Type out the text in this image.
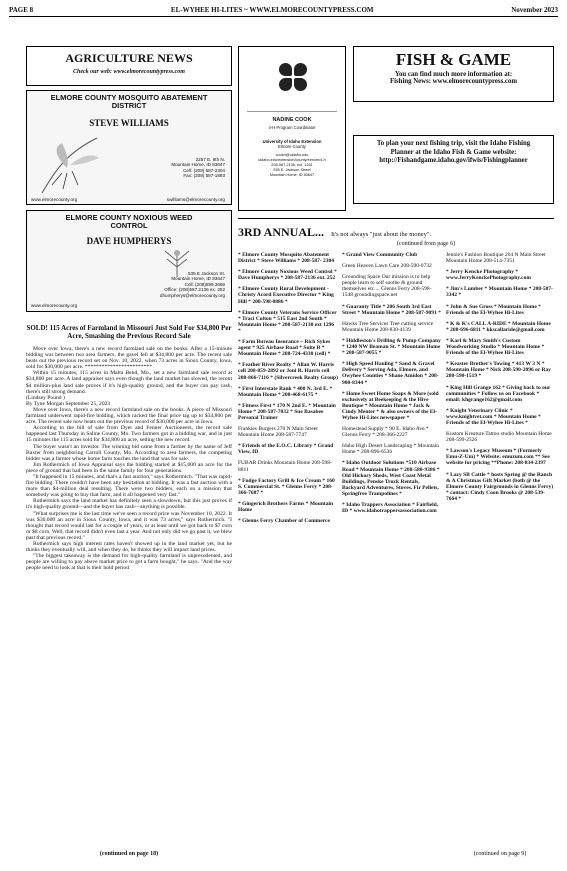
PAGE 8	EL-WYHEE HI-LITES ~ WWW.ELMORECOUNTYPRESS.COM	November 2023
AGRICULTURE NEWS
Check our web: www.elmorecountypress.com
ELMORE COUNTY MOSQUITO ABATEMENT DISTRICT
STEVE WILLIAMS
2257 E. 8th N.
Mountain Home, ID 83647
Cell: (208) 587-2304
Fax: (208) 587-1893
www.elmorecounty.org	swilliams@elmorecounty.org
ELMORE COUNTY NOXIOUS WEED CONTROL
DAVE HUMPHERYS
535 E Jackson St.
Mountain Home, ID 83647
Cell: (208)599.3669
Office: (208)587.2136 ex. 252
dhumpherys@elmorecounty.org
www.elmorecounty.org
NADINE COOK
4-H Program Coordinator
University of Idaho Extension
Elmore County
cookn@uidaho.edu
uidaho.edu/extension/county/elmore/4-h
208-587-2136, ext. 1251
535 E. Jackson Street
Mountain Home, ID 83647
FISH & GAME
You can find much more information at:
Fishing News: www.elmorecountypress.com
To plan your next fishing trip, visit the Idaho Fishing Planner at the Idaho Fish & Game website: http://Fishandgame.idaho.gov/ifwis/Fishingplanner
SOLD! 115 Acres of Farmland in Missouri Just Sold For $34,800 Per Acre, Smashing the Previous Record Sale

Move over Iowa, there's a new record farmland sale on the books. After a 15-minute bidding war between two area farmers, the gavel fell at $34,800 per acre. The recent sale beats out the previous record set on Nov. 10, 2022, when 73 acres in Sioux County, Iowa, sold for $30,000 per acre. ************************

Within 15 minutes, 115 acres in Malta Bend, Mo., set a new farmland sale record at $34,800 per acre. A land appraiser says even though the land market has slowed, the recent $4 million-plus land sale proves if it's high-quality ground, and the buyer can pay cash, there's still strong demand.

(Lindsey Pound )
By Tyne Morgan September 25, 2023

Move over Iowa, there's a new record farmland sale on the books. A piece of Missouri farmland underwent rapid-fire bidding, which racked the final price tag up to $34,800 per acre. The recent sale now beats out the previous record of $30,000 per acre in Iowa.

According to the bill of sale from Dyer and Fenner Auctioneers, the record sale happened last Thursday in Saline County, Mo. Two farmers got in a bidding war, and in just 15 minutes the 115 acres sold for $34,800 an acre, setting the new record.

The buyer wasn't an investor. The winning bid came from a farmer by the name of Jeff Baxter from neighboring Carroll County, Mo. According to area farmers, the competing bidder was a farmer whose home farm touches the land that was for sale.

Jim Rothermich of Iowa Appraisal says the bidding started at $15,000 an acre for the piece of ground that had been in the same family for four generations.

"It happened in 15 minutes, and that's a fast auction," says Rothermich. "That was rapid-fire bidding. There couldn't have been any hesitation at bidding. It was a fast auction with a more than $4-million deal resulting. There were two bidders, each on a mission that somebody was going to buy that farm, and it all happened very fast."

Rothermich says the land market has definitely seen a slowdown, but this just proves if it's high-quality ground—and the buyer has cash—anything is possible.

"What surprises me is the last time we've seen a record price was November 10, 2022. It was $30,000 an acre in Sioux County, Iowa, and it was 73 acres," says Rothermich. "I thought that record would last for a couple of years, or at least until we got back to $7 corn or $8 corn. Well, that record didn't even last a year. And not only did we go past it, we blew past that previous record."

Rothermich says high interest rates haven't showed up in the land market yet, but he thinks they eventually will, and when they do, he thinks they will impact land prices.

"The biggest takeaway is the demand for high-quality farmland is unprecedented, and people are willing to pay above market price to get a farm bought," he says. "And the way people need to look at that is their hold period

(continued on page 18)
3RD ANNUAL... It's not always "just about the money".
(continued from page 6)
* Elmore County Mosquito Abatement District * Steve Williams * 208-587- 2304
* Elmore County Noxious Weed Control * Dave Humpherys * 208-587-2136 ext. 252
* Elmore County Rural Development - Christy Acord Executive Director * King Hill * 208-598-0886 *
* Elmore County Veterans Service Officer * Traci Colton * 515 East 2nd South * Mountain Home * 208-587-2130 ext 1296 *
* Farm Bureau Insurance – Rich Sykes agent * 925 Airbase Road * Suite B * Mountain Home * 208-724-4330 (cell) *
* Feather River Realty * Allan W. Harris cell 208-859-2892 or Joni R. Harris cell 208-866-7116 * (Silvercreek Realty Group)
* First Interstate Bank * 400 N. 3rd E. * Mountain Home * 208-468-6175 *
* Fitness First * 170 N 2nd E. * Mountain Home * 208-587-7032 * Sue Basabee Personal Trainer
Frankies Burgers 270 N Main Street Mountain Home 208-587-7747
* Friends of the E.O.C. Library * Grand View, ID
FUBAR Drinks Mountain Home 208-598-8811
* Fudge Factory Grill & Ice Cream * 160 S. Commercial St. * Glenns Ferry * 208-366-7687 *
* Gingerich Brothers Farms * Mountain Home
* Glenns Ferry Chamber of Commerce
* Grand View Community Club
Green Heaven Lawn Care 208-590-0732
Grounding Space Our mission is to help people learn to self soothe & ground themselves etc.... Glenns Ferry 208-598-1548 groundingspace.net
* Guaranty Title * 206 South 3rd East Street * Mountain Home * 208-587-9091 *
Hawks Tree Services Tree cutting service Mountain Home 208-830-4139
* Hiddleston's Drilling & Pump Company * 1240 NW Beaman St. * Mountain Home * 208-587-9055 *
* High Speed Hauling * Sand & Gravel Delivery * Serving Ada, Elmore, and Owyhee Counties * Shane Amidon * 208-900-8344 *
* Home Sweet Home Soaps & More (sold exclusively at Beekeeping & the Hive Boutique * Mountain Home * Jack & Cindy Menter * & also owners of the El-Wyhee Hi-Lites newspaper *
Homestead Supply * 90 E. Idaho Ave.* Glenns Ferry * 208-366-2227
Idaho High Desert Landscaping * Mountain Home * 208-896-6536
* Idaho Outdoor Solutions *510 Airbase Road * Mountain Home * 208-580-9386 * Old Hickory Sheds, West Coast Metal Buildings, Penske Truck Rentals, Backyard Adventures, Stoves, Fir Pellets, Springfree Trampolines *
* Idaho Trappers Association * Fairfield, ID * www.idahotrappersassociation.com
Jennie's Fashion Boutique 204 N Main Street Mountain Home 208-514-7351
* Jerry Kencke Photography * www.JerryKenckePhotography.com
* Jim's Lumber * Mountain Home * 208-587-3342 *
* John & Sue Gross * Mountain Home * Friends of the El-Wyhee Hi-Lites
* K & K's CALL A-RIDE * Mountain Home * 208-696-6811 * kkscallaride@gmail.com
* Karl & Mary Smith's Custom Woodworking Studio * Mountain Home * Friends of the El-Wyhee Hi-Lites
* Keaster Brother's Towing * 413 W 3 N * Mountain Home * Nick 208-590-2096 or Ray 208-590-1519 *
* King Hill Grange 162 * Giving back to our communities * Follow us on Facebook * email: khgrange162@gmail.com
* Knight Veterinary Clinic * www.knightvet.com * Mountain Home * Friends of the El-Wyhee Hi-Lites *
Kustom Kreature Tattoo studio Mountain Home 208-599-2526
* Lawson's Legacy Museum * (Formerly Emu-Z-Um) * Website: emuzum.com ** See website for pricing **Phone: 208-834-2397
* Lazy SB Cattle * hosts Spring @ the Ranch & A Christmas Gift Market (both @ the Elmore County Fairgrounds in Glenns Ferry) * contact: Cindy Coon Brooks @ 208-539-7664 *
(continued on page 9)
